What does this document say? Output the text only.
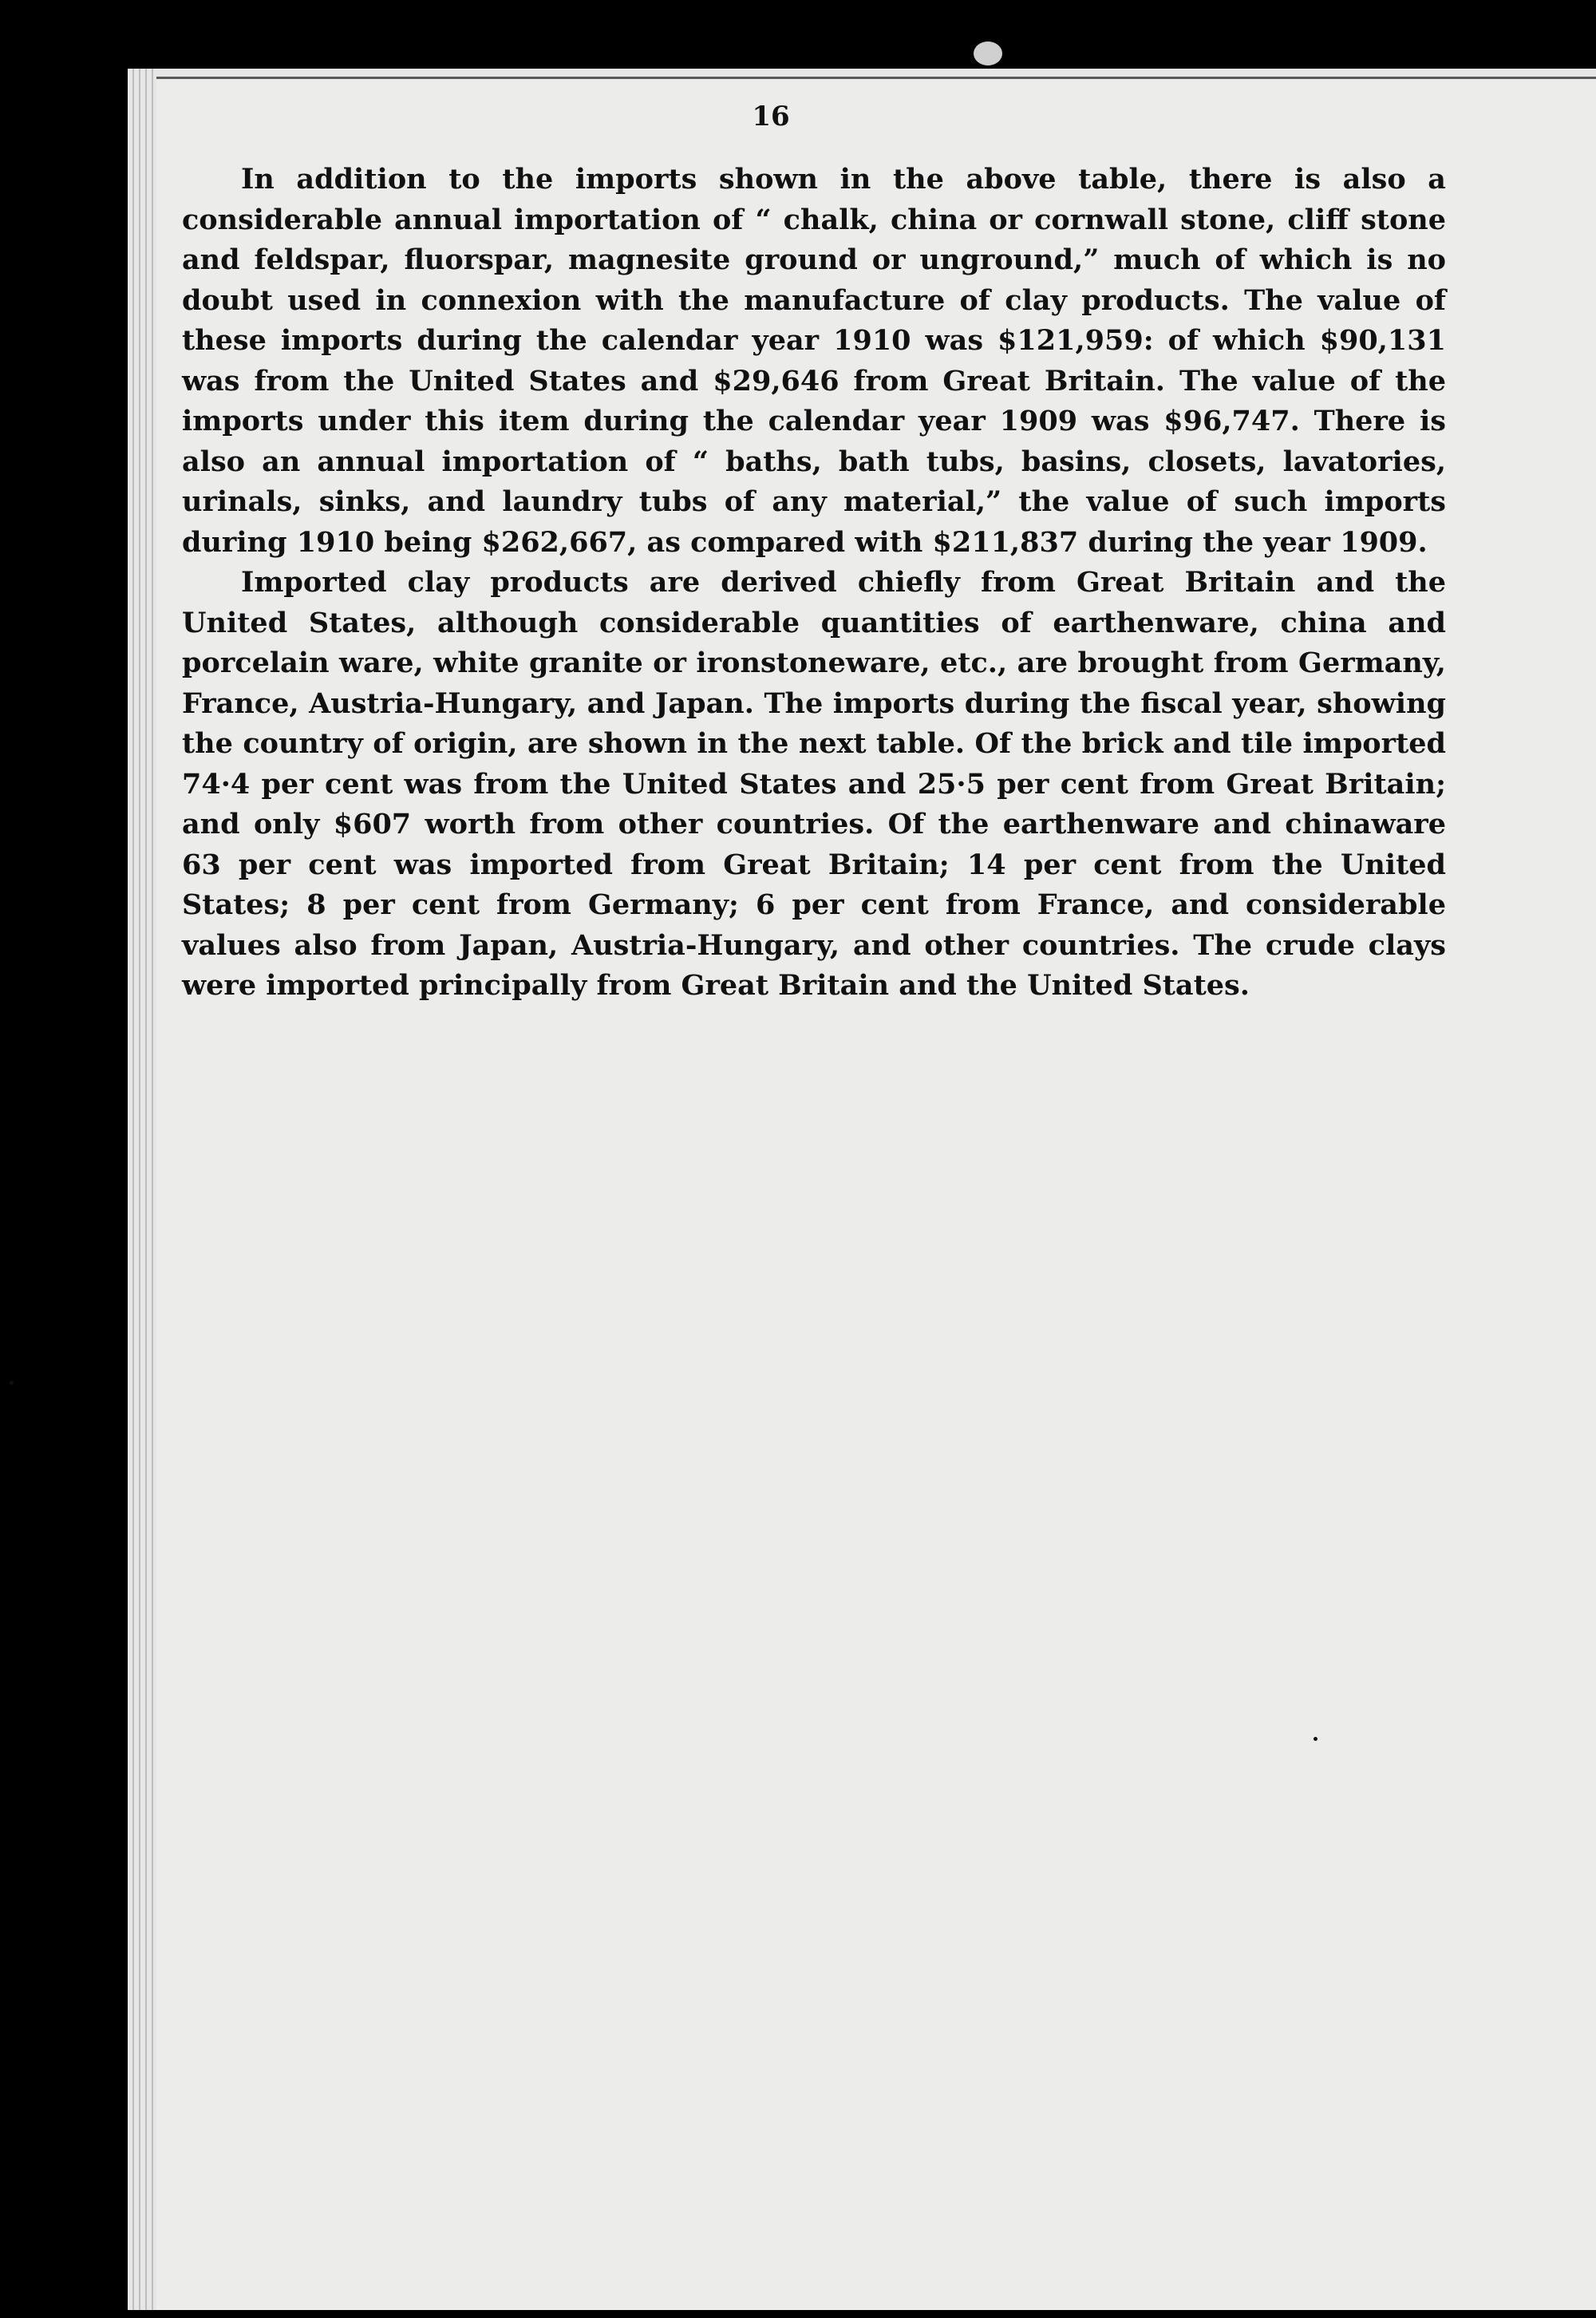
16

In addition to the imports shown in the above table, there is also a considerable annual importation of “ chalk, china or cornwall stone, cliff stone and feldspar, fluorspar, magnesite ground or unground,” much of which is no doubt used in connexion with the manufacture of clay products. The value of these imports during the calendar year 1910 was $121,959: of which $90,131 was from the United States and $29,646 from Great Britain. The value of the imports under this item during the calendar year 1909 was $96,747. There is also an annual importation of “ baths, bath tubs, basins, closets, lavatories, urinals, sinks, and laundry tubs of any material,” the value of such imports during 1910 being $262,667, as compared with $211,837 during the year 1909.

Imported clay products are derived chiefly from Great Britain and the United States, although considerable quantities of earthenware, china and porcelain ware, white granite or ironstoneware, etc., are brought from Germany, France, Austria-Hungary, and Japan. The imports during the fiscal year, showing the country of origin, are shown in the next table. Of the brick and tile imported 74·4 per cent was from the United States and 25·5 per cent from Great Britain; and only $607 worth from other countries. Of the earthenware and chinaware 63 per cent was imported from Great Britain; 14 per cent from the United States; 8 per cent from Germany; 6 per cent from France, and considerable values also from Japan, Austria-Hungary, and other countries. The crude clays were imported principally from Great Britain and the United States.
